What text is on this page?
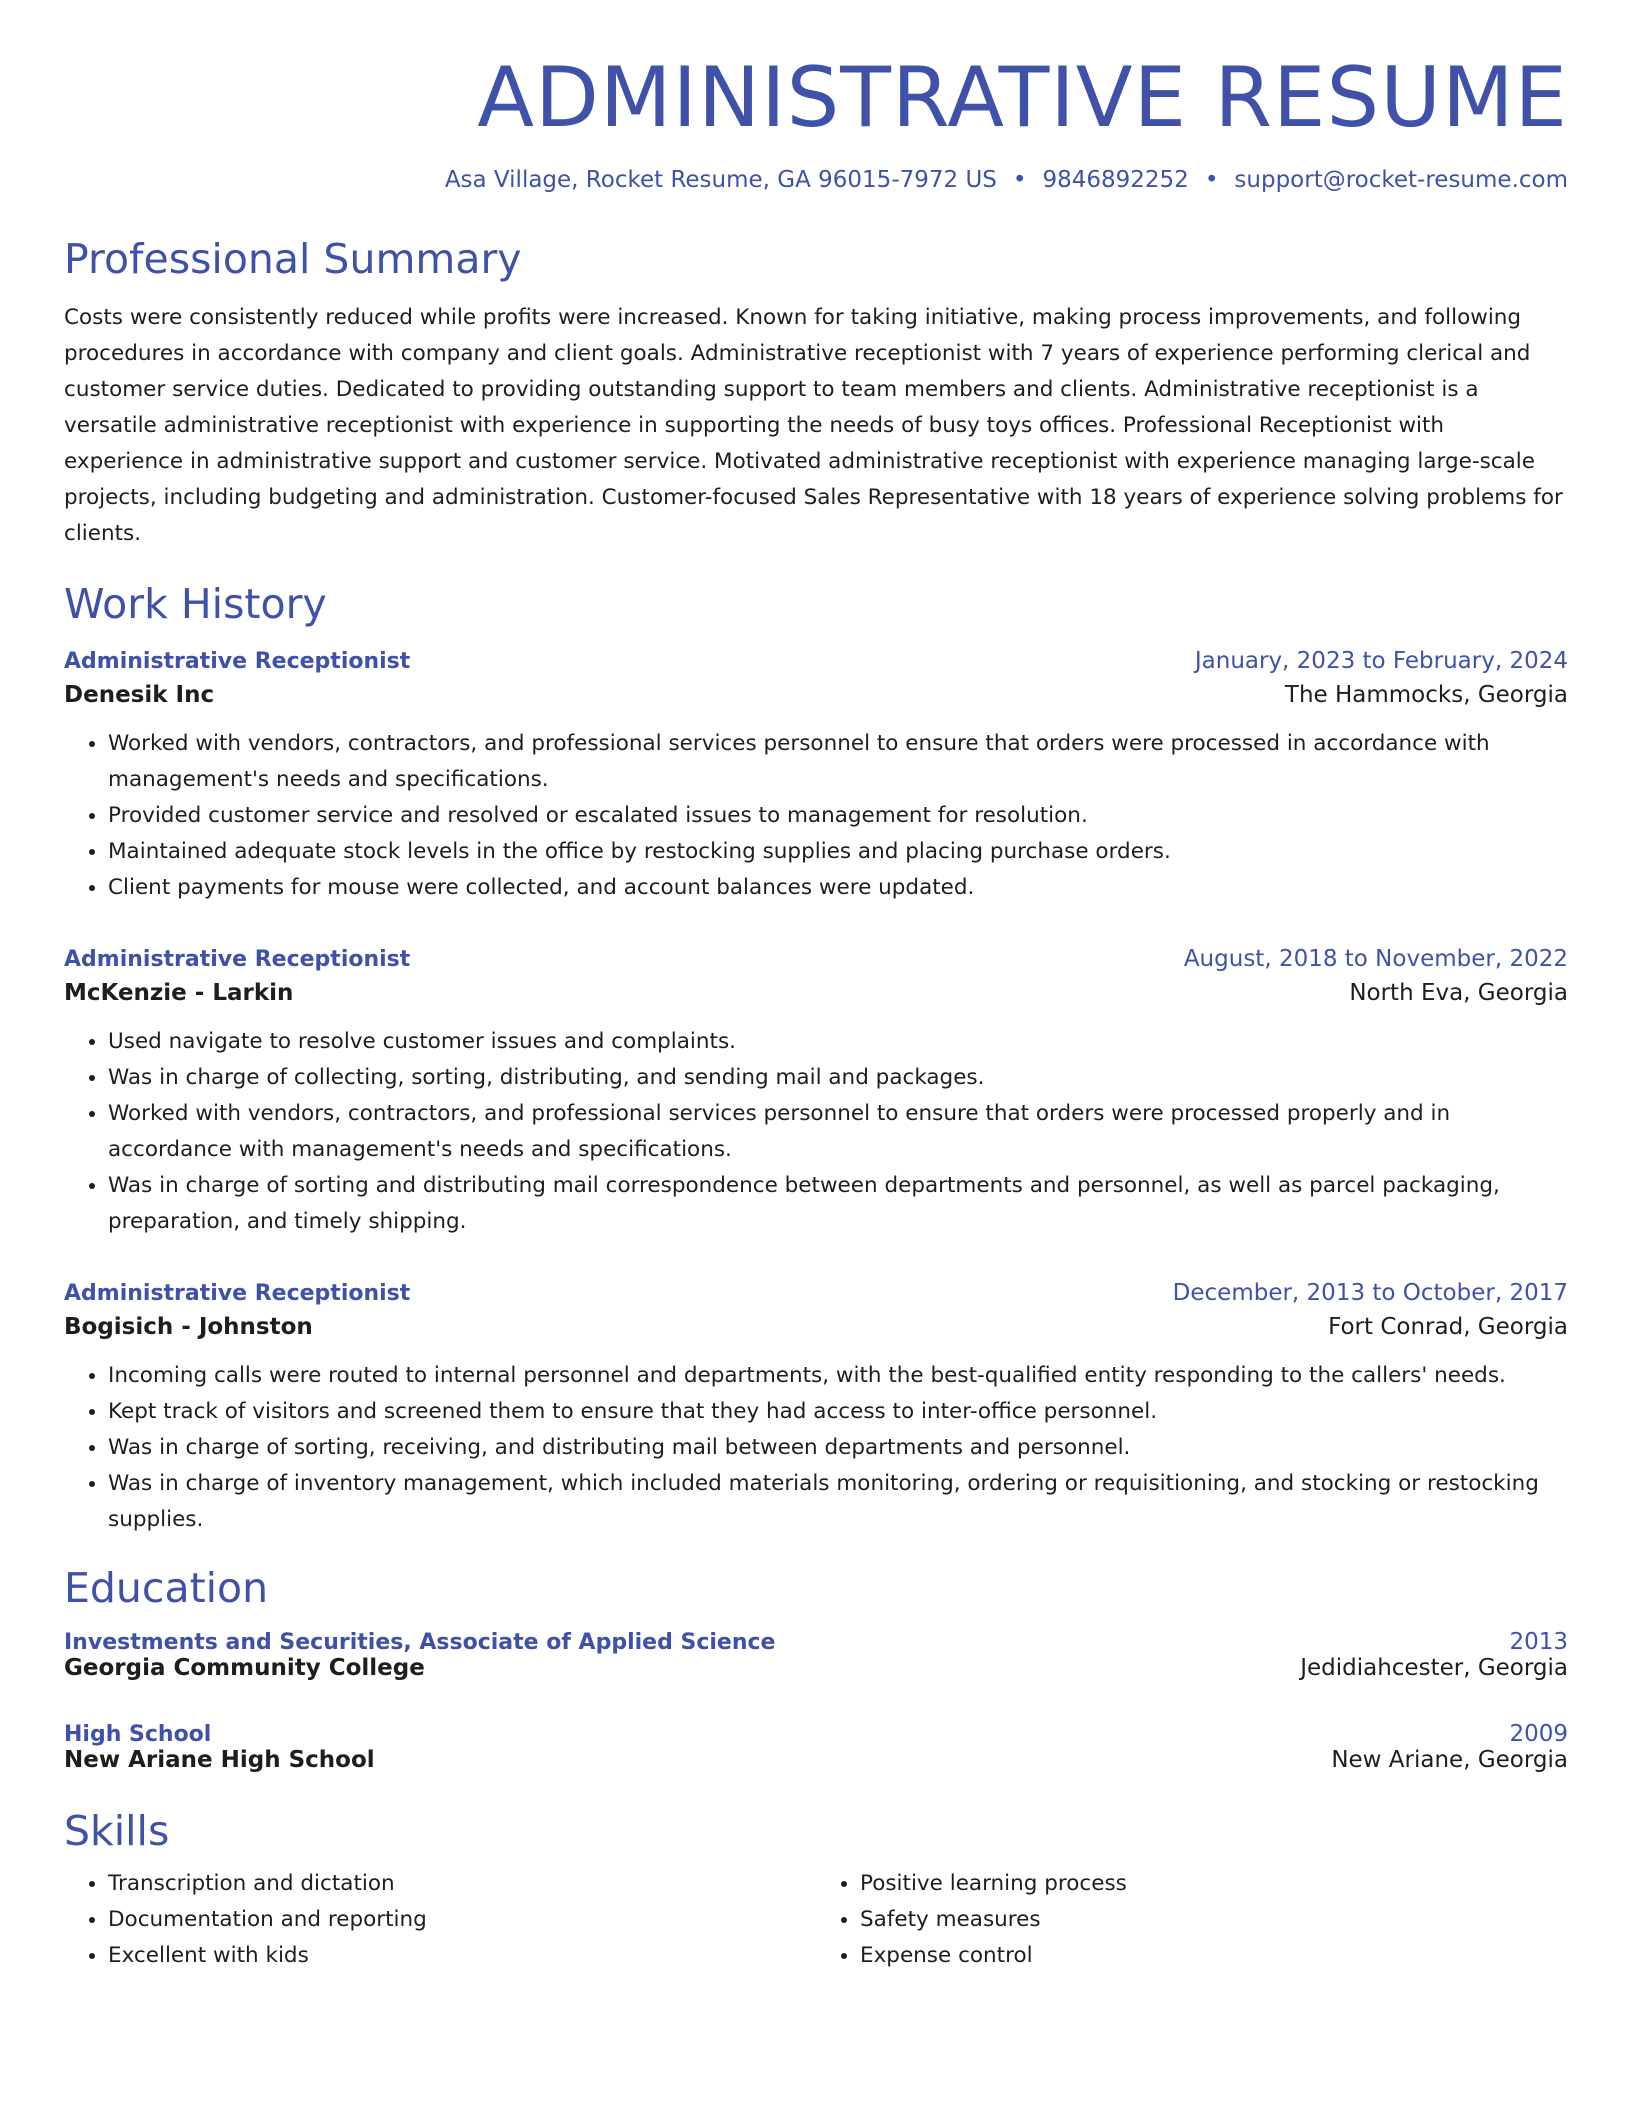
ADMINISTRATIVE RESUME
Asa Village, Rocket Resume, GA 96015-7972 US • 9846892252 • support@rocket-resume.com
Professional Summary

Costs were consistently reduced while profits were increased. Known for taking initiative, making process improvements, and following procedures in accordance with company and client goals. Administrative receptionist with 7 years of experience performing clerical and customer service duties. Dedicated to providing outstanding support to team members and clients. Administrative receptionist is a versatile administrative receptionist with experience in supporting the needs of busy toys offices. Professional Receptionist with experience in administrative support and customer service. Motivated administrative receptionist with experience managing large-scale projects, including budgeting and administration. Customer-focused Sales Representative with 18 years of experience solving problems for clients.

Work History
Administrative Receptionist	January, 2023 to February, 2024
Denesik Inc	The Hammocks, Georgia
• Worked with vendors, contractors, and professional services personnel to ensure that orders were processed in accordance with management's needs and specifications.
• Provided customer service and resolved or escalated issues to management for resolution.
• Maintained adequate stock levels in the office by restocking supplies and placing purchase orders.
• Client payments for mouse were collected, and account balances were updated.
Administrative Receptionist	August, 2018 to November, 2022
McKenzie - Larkin	North Eva, Georgia
• Used navigate to resolve customer issues and complaints.
• Was in charge of collecting, sorting, distributing, and sending mail and packages.
• Worked with vendors, contractors, and professional services personnel to ensure that orders were processed properly and in accordance with management's needs and specifications.
• Was in charge of sorting and distributing mail correspondence between departments and personnel, as well as parcel packaging, preparation, and timely shipping.
Administrative Receptionist	December, 2013 to October, 2017
Bogisich - Johnston	Fort Conrad, Georgia
• Incoming calls were routed to internal personnel and departments, with the best-qualified entity responding to the callers' needs.
• Kept track of visitors and screened them to ensure that they had access to inter-office personnel.
• Was in charge of sorting, receiving, and distributing mail between departments and personnel.
• Was in charge of inventory management, which included materials monitoring, ordering or requisitioning, and stocking or restocking supplies.
Education
Investments and Securities, Associate of Applied Science	2013
Georgia Community College	Jedidiahcester, Georgia
High School	2009
New Ariane High School	New Ariane, Georgia
Skills
• Transcription and dictation
• Documentation and reporting
• Excellent with kids
• Positive learning process
• Safety measures
• Expense control
